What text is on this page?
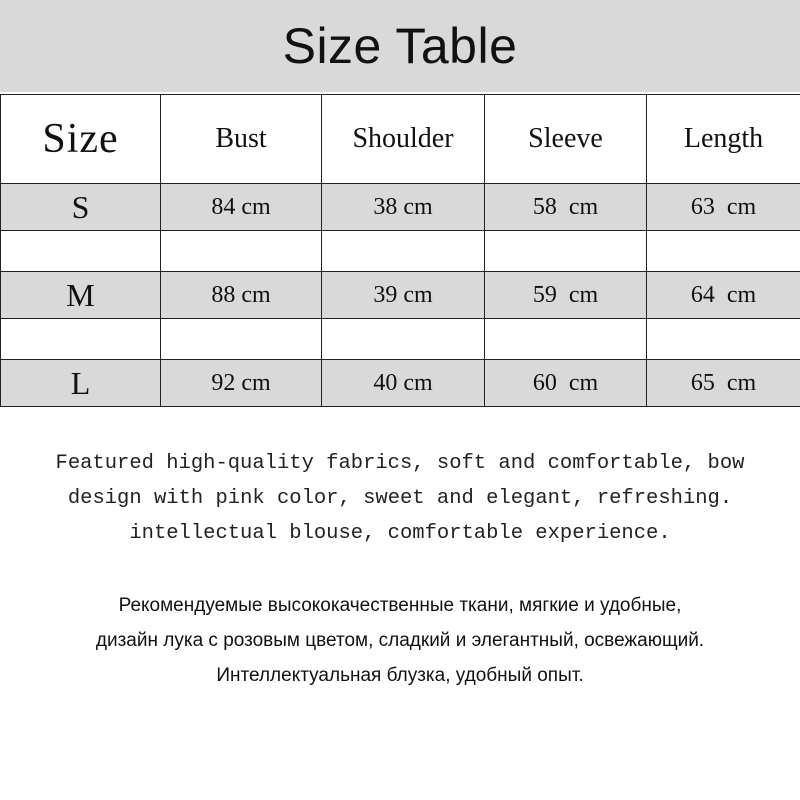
Size Table
Size	Bust	Shoulder	Sleeve	Length
S	84 cm	38 cm	58  cm	63  cm

M	88 cm	39 cm	59  cm	64  cm

L	92 cm	40 cm	60  cm	65  cm
Featured high-quality fabrics, soft and comfortable, bow
design with pink color, sweet and elegant, refreshing.
intellectual blouse, comfortable experience.
Рекомендуемые высококачественные ткани, мягкие и удобные,
дизайн лука с розовым цветом, сладкий и элегантный, освежающий.
Интеллектуальная блузка, удобный опыт.
